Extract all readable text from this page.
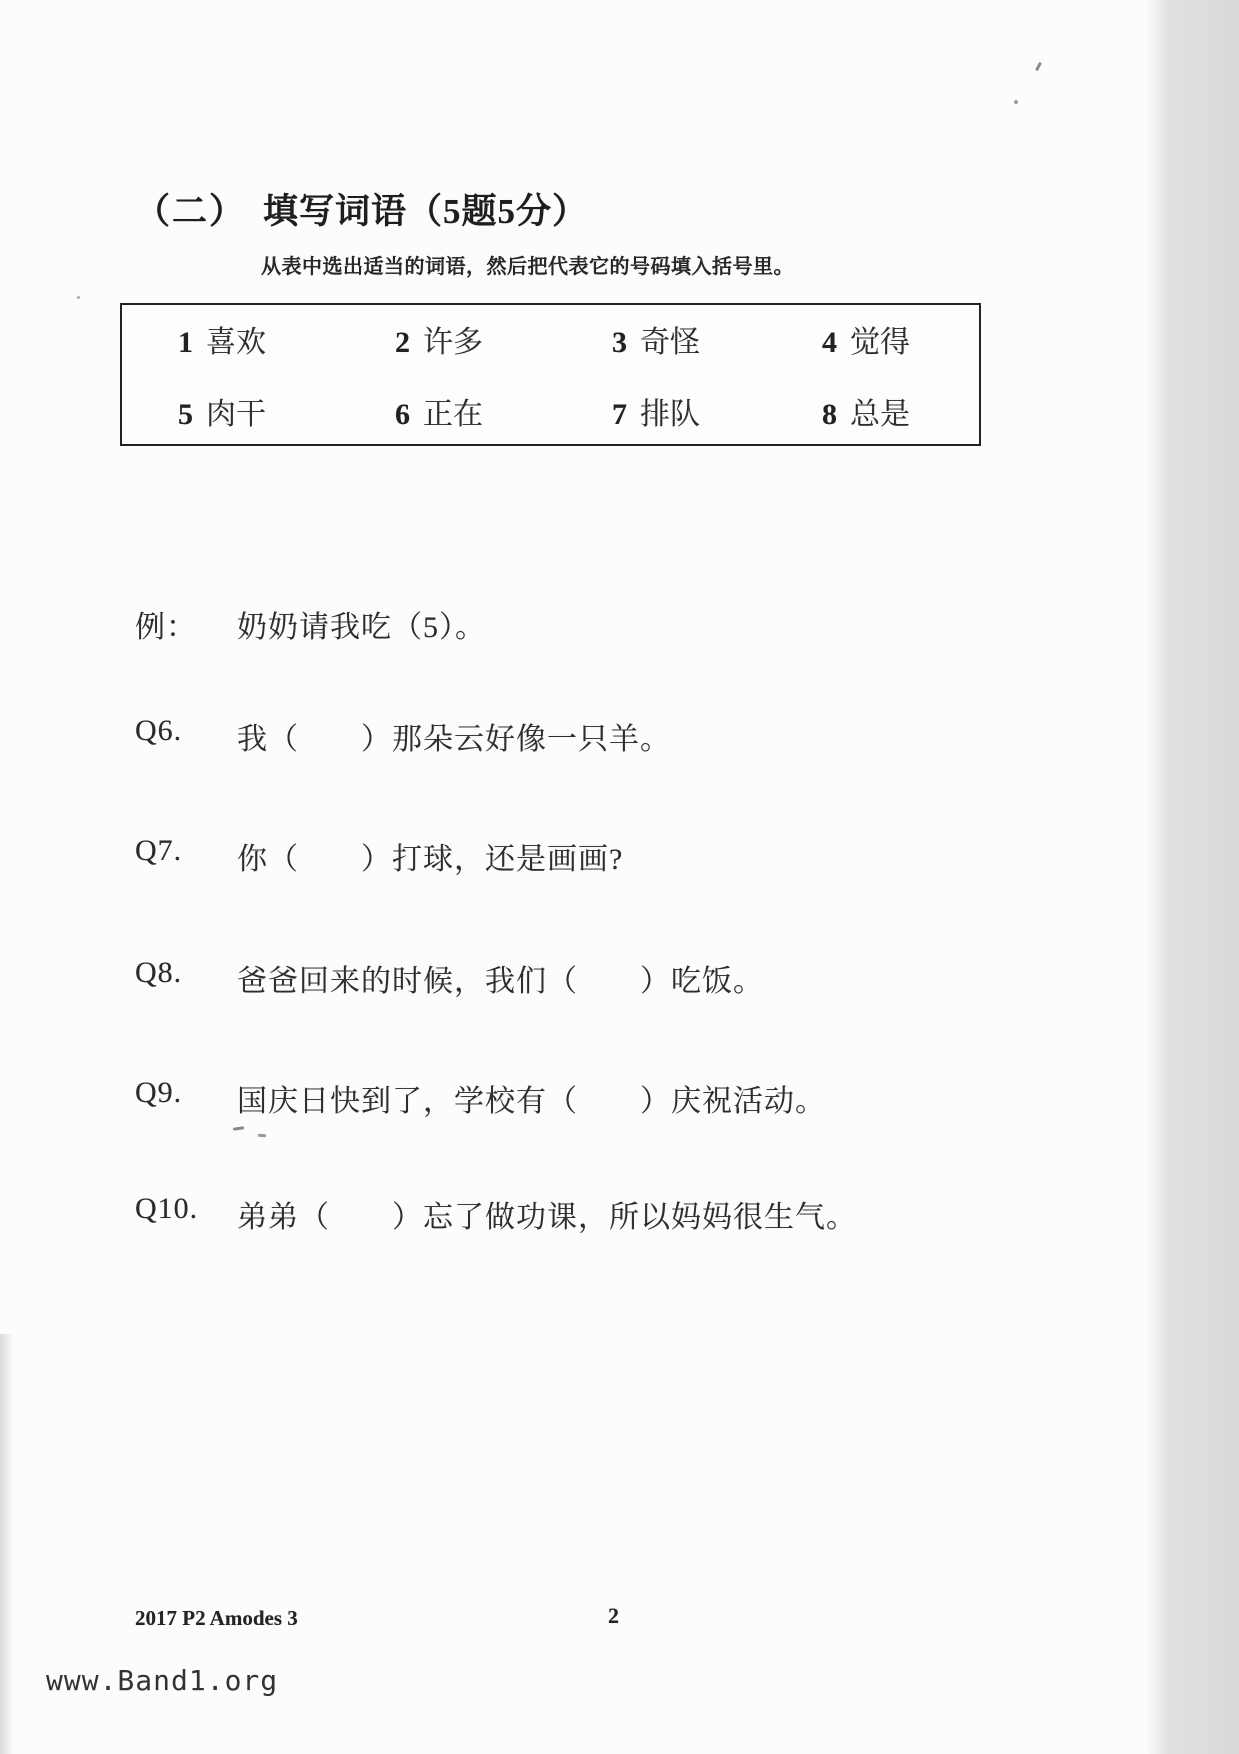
（二） 填写词语（5题5分）
从表中选出适当的词语，然后把代表它的号码填入括号里。
1 喜欢	2 许多	3 奇怪	4 觉得
5 肉干	6 正在	7 排队	8 总是
例： 奶奶请我吃（5）。
Q6. 我（　　）那朵云好像一只羊。
Q7. 你（　　）打球，还是画画?
Q8. 爸爸回来的时候，我们（　　）吃饭。
Q9. 国庆日快到了，学校有（　　）庆祝活动。
Q10. 弟弟（　　）忘了做功课，所以妈妈很生气。
2017 P2 Amodes 3	2
www.Band1.org
